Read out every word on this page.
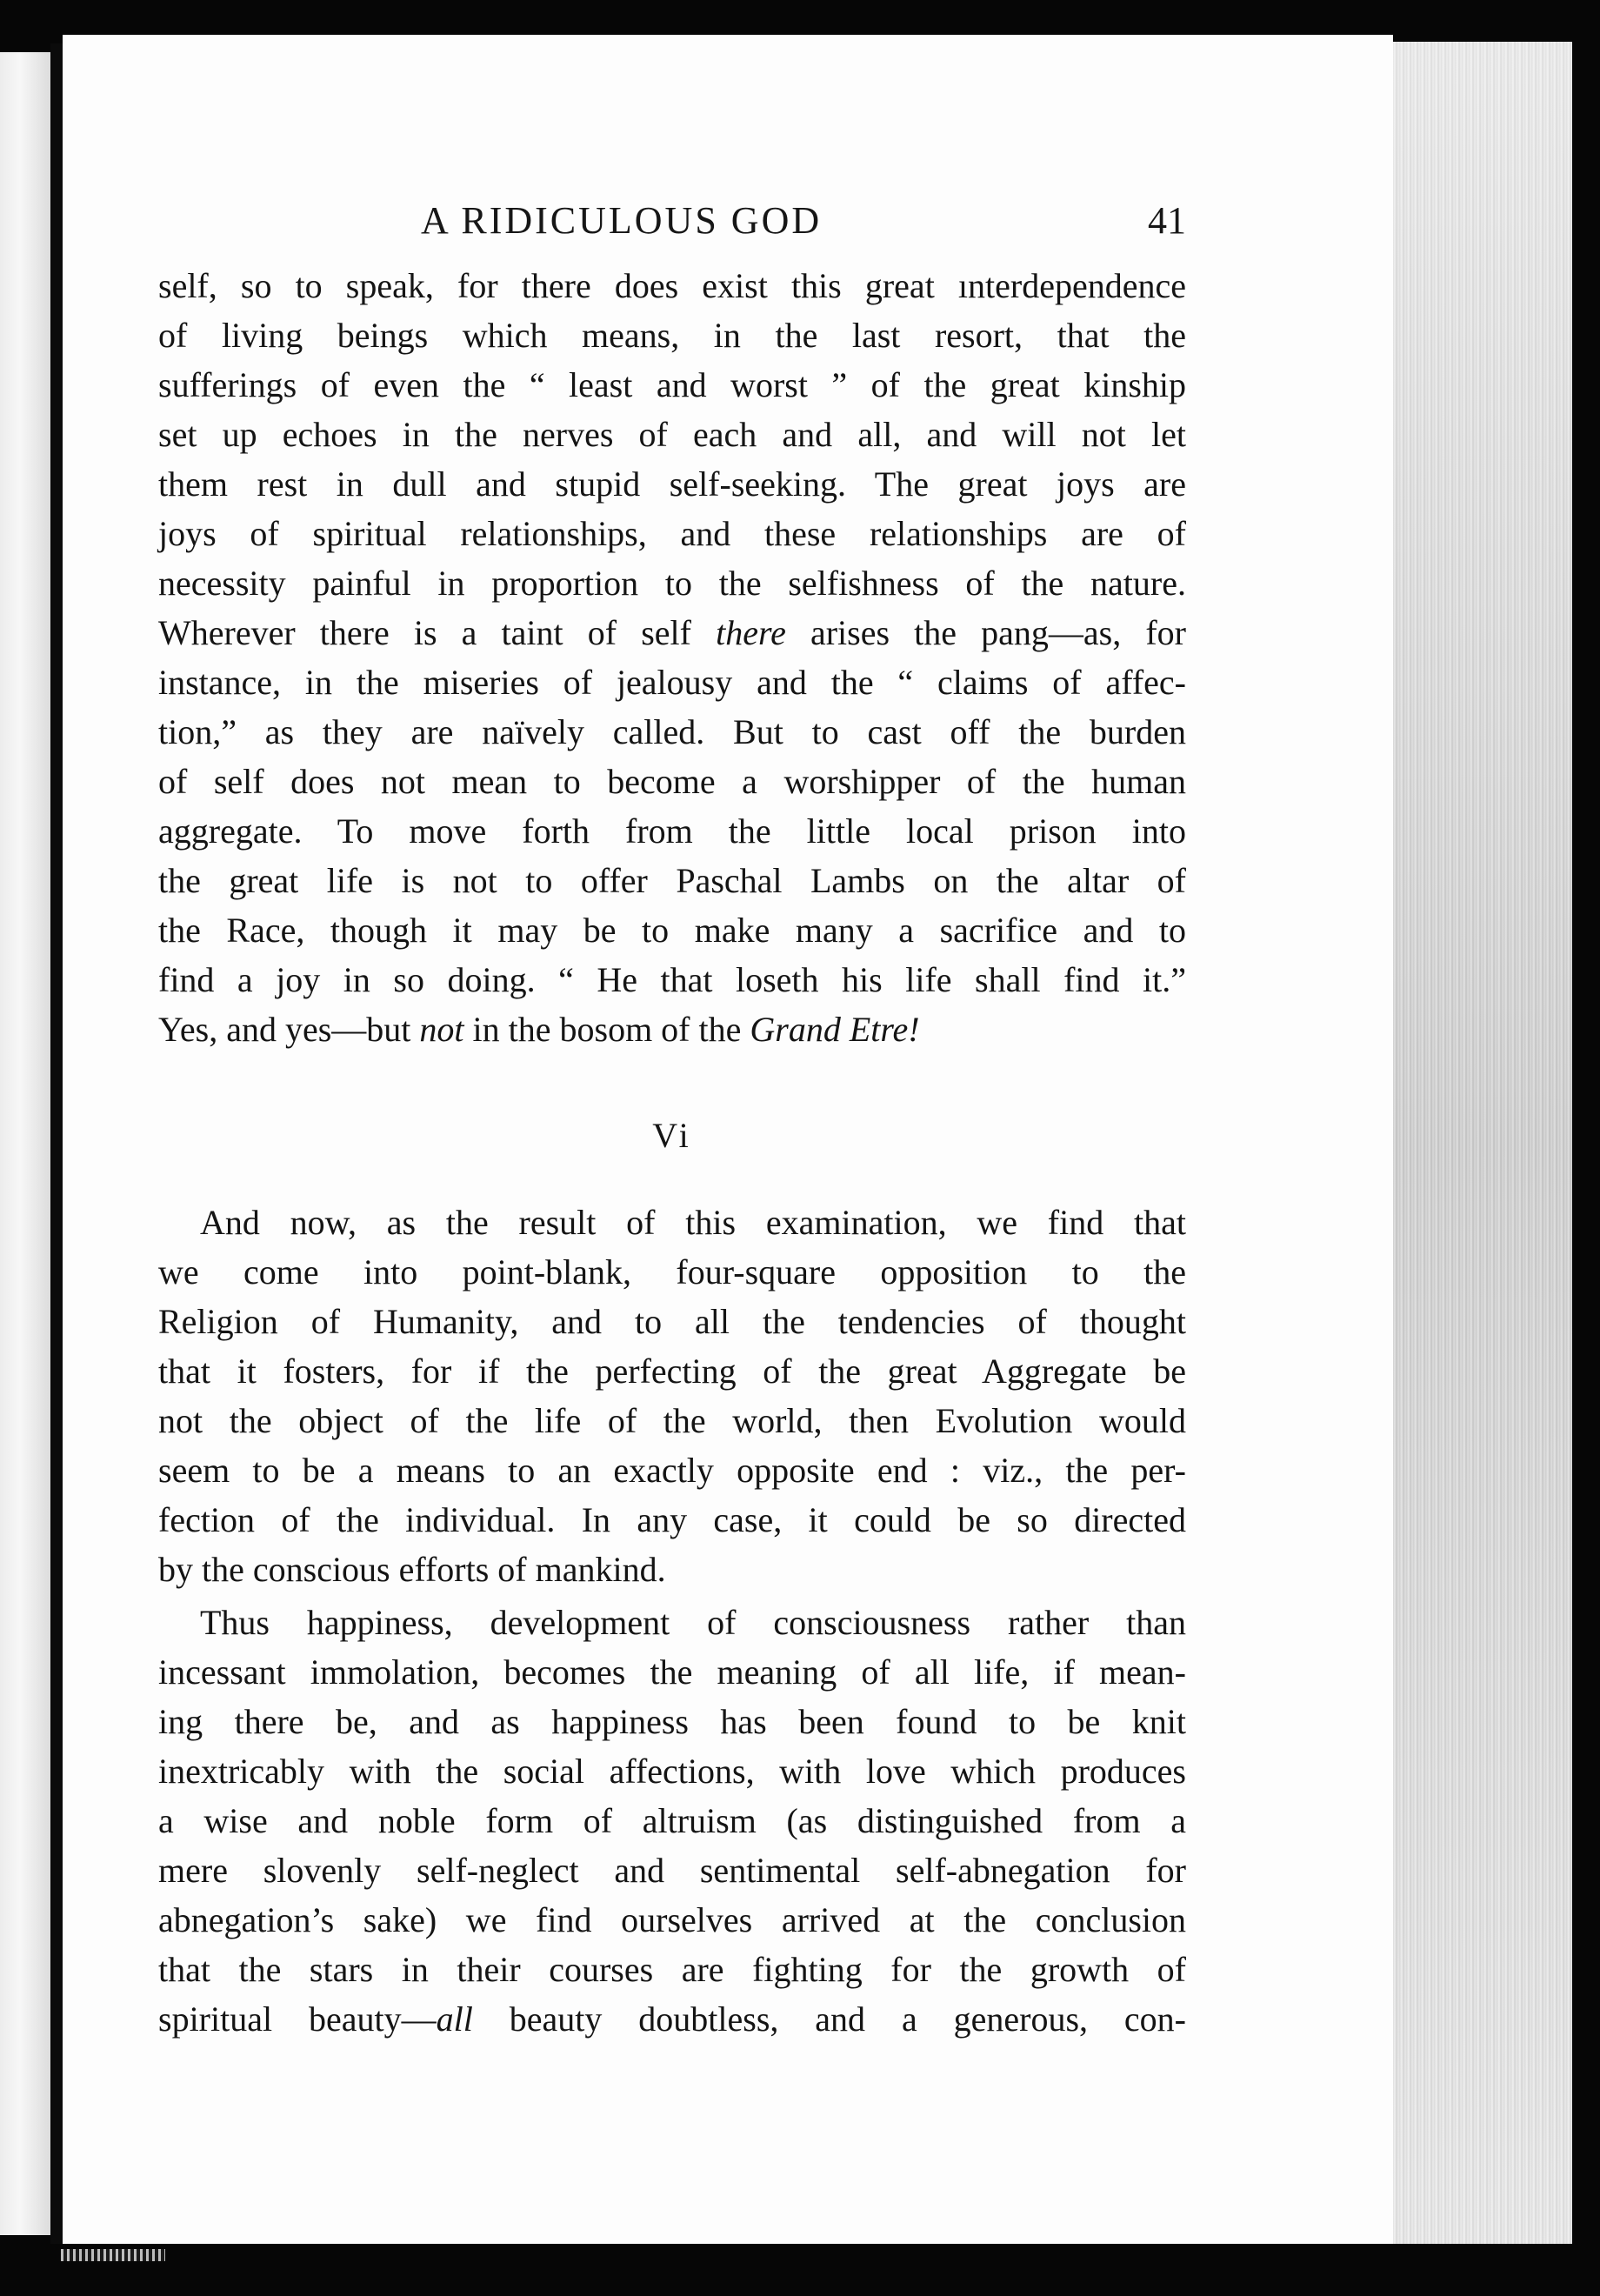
A RIDICULOUS GOD	41
self, so to speak, for there does exist this great ınterdependence
of living beings which means, in the last resort, that the
sufferings of even the “ least and worst ” of the great kinship
set up echoes in the nerves of each and all, and will not let
them rest in dull and stupid self-seeking. The great joys are
joys of spiritual relationships, and these relationships are of
necessity painful in proportion to the selfishness of the nature.
Wherever there is a taint of self there arises the pang—as, for
instance, in the miseries of jealousy and the “ claims of affec-
tion,” as they are naïvely called. But to cast off the burden
of self does not mean to become a worshipper of the human
aggregate. To move forth from the little local prison into
the great life is not to offer Paschal Lambs on the altar of
the Race, though it may be to make many a sacrifice and to
find a joy in so doing. “ He that loseth his life shall find it.”
Yes, and yes—but not in the bosom of the Grand Etre!
Vi
And now, as the result of this examination, we find that
we come into point-blank, four-square opposition to the
Religion of Humanity, and to all the tendencies of thought
that it fosters, for if the perfecting of the great Aggregate be
not the object of the life of the world, then Evolution would
seem to be a means to an exactly opposite end : viz., the per-
fection of the individual. In any case, it could be so directed
by the conscious efforts of mankind.
Thus happiness, development of consciousness rather than
incessant immolation, becomes the meaning of all life, if mean-
ing there be, and as happiness has been found to be knit
inextricably with the social affections, with love which produces
a wise and noble form of altruism (as distinguished from a
mere slovenly self-neglect and sentimental self-abnegation for
abnegation’s sake) we find ourselves arrived at the conclusion
that the stars in their courses are fighting for the growth of
spiritual beauty—all beauty doubtless, and a generous, con-
